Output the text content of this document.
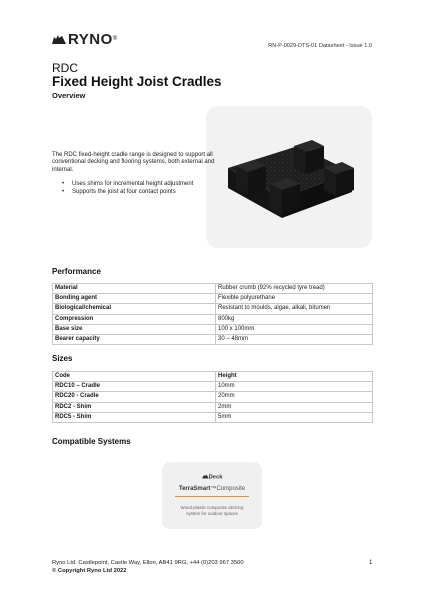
RYNO ®
RN-P-0029-DTS-01 Datasheet - Issue 1.0
RDC
Fixed Height Joist Cradles
Overview
The RDC fixed-height cradle range is designed to support all conventional decking and flooring systems, both external and internal.
• Uses shims for incremental height adjustment
• Supports the joist at four contact points
Performance
Material	Rubber crumb (92% recycled tyre tread)
Bonding agent	Flexible polyurethane
Biological/chemical	Resistant to moulds, algae, alkali, bitumen
Compression	800kg
Base size	100 x 100mm
Bearer capacity	30 – 48mm
Sizes
Code	Height
RDC10 – Cradle	10mm
RDC20 - Cradle	20mm
RDC2 - Shim	2mm
RDC5 - Shim	5mm
Compatible Systems
Deck
TerraSmart™Composite
Wood-plastic composite decking system for outdoor spaces
Ryno Ltd. Castlepoint, Castle Way, Ellon, AB41 9RG, +44 (0)203 967 3500
© Copyright Ryno Ltd 2022
1
